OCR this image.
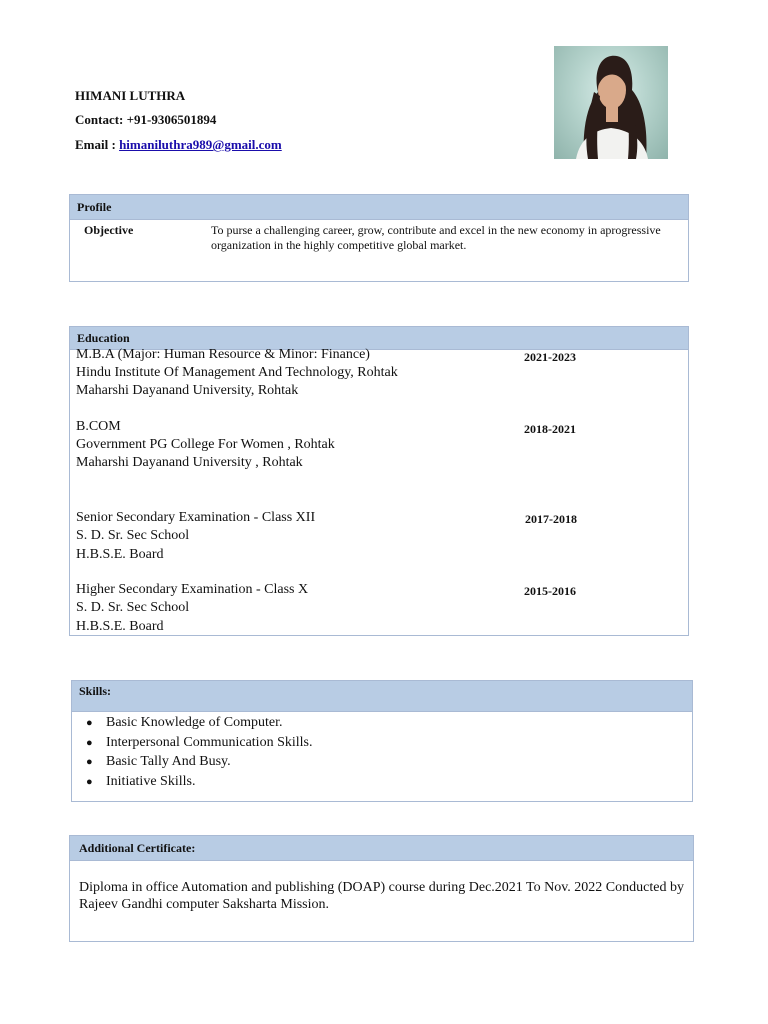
HIMANI LUTHRA
Contact: +91-9306501894
Email : himaniluthra989@gmail.com
Profile
Objective	To purse a challenging career, grow, contribute and excel in the new economy in aprogressive organization in the highly competitive global market.
Education
M.B.A (Major: Human Resource & Minor: Finance)
Hindu Institute Of Management And Technology, Rohtak
Maharshi Dayanand University, Rohtak
2021-2023
B.COM
Government PG College For Women , Rohtak
Maharshi Dayanand University , Rohtak
2018-2021
Senior Secondary Examination - Class XII
S. D. Sr. Sec School
H.B.S.E. Board
2017-2018
Higher Secondary Examination - Class X
S. D. Sr. Sec School
H.B.S.E. Board
2015-2016
Skills:
● Basic Knowledge of Computer.
● Interpersonal Communication Skills.
● Basic Tally And Busy.
● Initiative Skills.
Additional Certificate:
Diploma in office Automation and publishing (DOAP) course during Dec.2021 To Nov. 2022 Conducted by Rajeev Gandhi computer Saksharta Mission.
